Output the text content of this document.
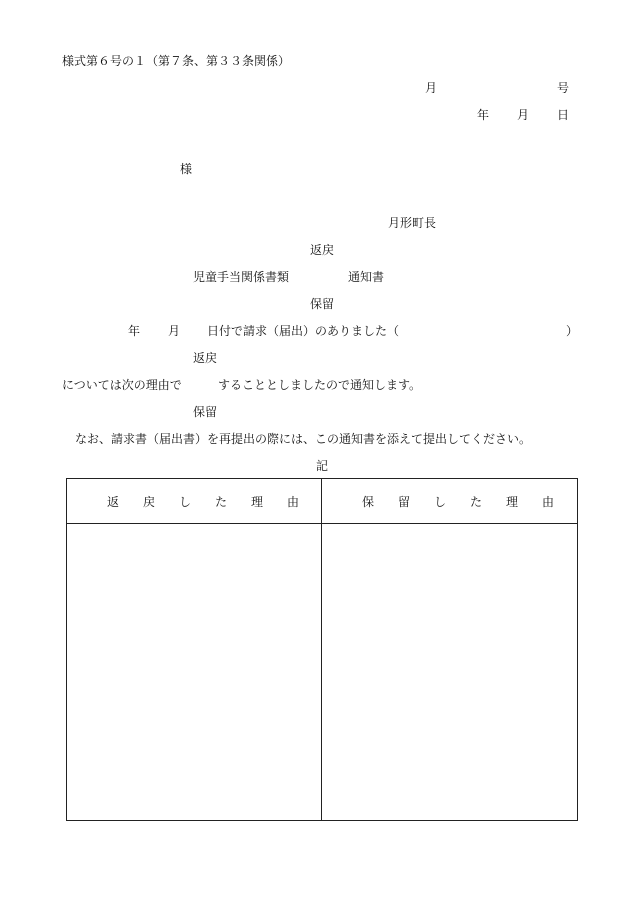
様式第６号の１（第７条、第３３条関係）
月	号
年 月 日
様
月形町長
返戻
児童手当関係書類	通知書
保留
年 月 日付で請求（届出）のありました（	）
返戻
については次の理由で	することとしましたので通知します。
保留
なお、請求書（届出書）を再提出の際には、この通知書を添えて提出してください。
記
返　戻　し　た　理　由	保　留　し　た　理　由
